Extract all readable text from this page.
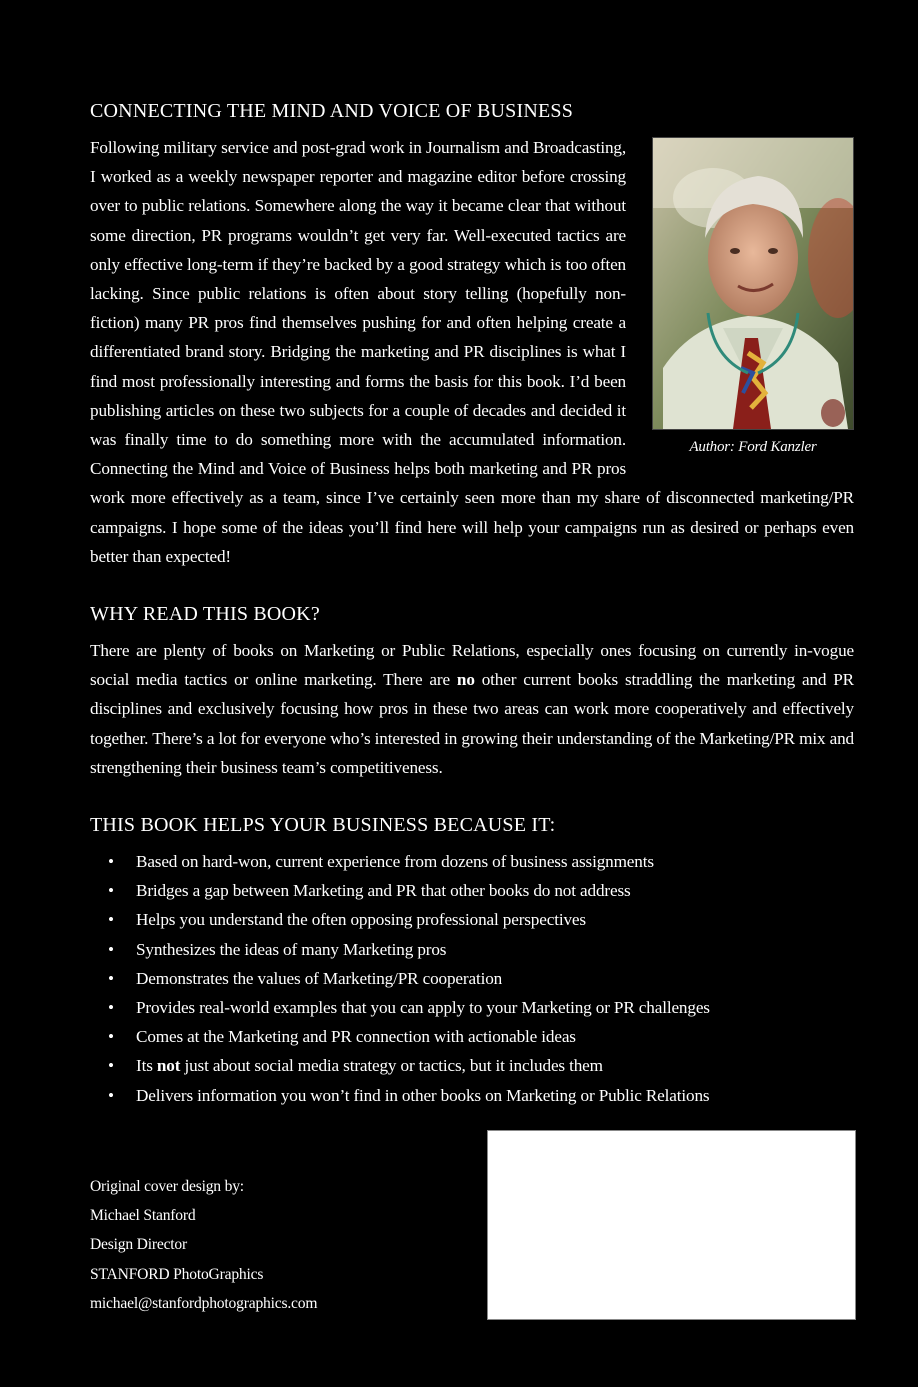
CONNECTING THE MIND AND VOICE OF BUSINESS
Author: Ford Kanzler

Following military service and post-grad work in Journalism and Broadcasting, I worked as a weekly newspaper reporter and magazine editor before crossing over to public relations. Somewhere along the way it became clear that without some direction, PR programs wouldn’t get very far. Well-executed tactics are only effective long-term if they’re backed by a good strategy which is too often lacking. Since public relations is often about story telling (hopefully non-fiction) many PR pros find themselves pushing for and often helping create a differentiated brand story. Bridging the marketing and PR disciplines is what I find most professionally interesting and forms the basis for this book. I’d been publishing articles on these two subjects for a couple of decades and decided it was finally time to do something more with the accumulated information. Connecting the Mind and Voice of Business helps both marketing and PR pros work more effectively as a team, since I’ve certainly seen more than my share of disconnected marketing/PR campaigns. I hope some of the ideas you’ll find here will help your campaigns run as desired or perhaps even better than expected!

WHY READ THIS BOOK?

There are plenty of books on Marketing or Public Relations, especially ones focusing on currently in-vogue social media tactics or online marketing. There are no other current books straddling the marketing and PR disciplines and exclusively focusing how pros in these two areas can work more cooperatively and effectively together. There’s a lot for everyone who’s interested in growing their understanding of the Marketing/PR mix and strengthening their business team’s competitiveness.

THIS BOOK HELPS YOUR BUSINESS BECAUSE IT:
• Based on hard-won, current experience from dozens of business assignments
• Bridges a gap between Marketing and PR that other books do not address
• Helps you understand the often opposing professional perspectives
• Synthesizes the ideas of many Marketing pros
• Demonstrates the values of Marketing/PR cooperation
• Provides real-world examples that you can apply to your Marketing or PR challenges
• Comes at the Marketing and PR connection with actionable ideas
• Its not just about social media strategy or tactics, but it includes them
• Delivers information you won’t find in other books on Marketing or Public Relations
Original cover design by:
Michael Stanford
Design Director
STANFORD PhotoGraphics
michael@stanfordphotographics.com
